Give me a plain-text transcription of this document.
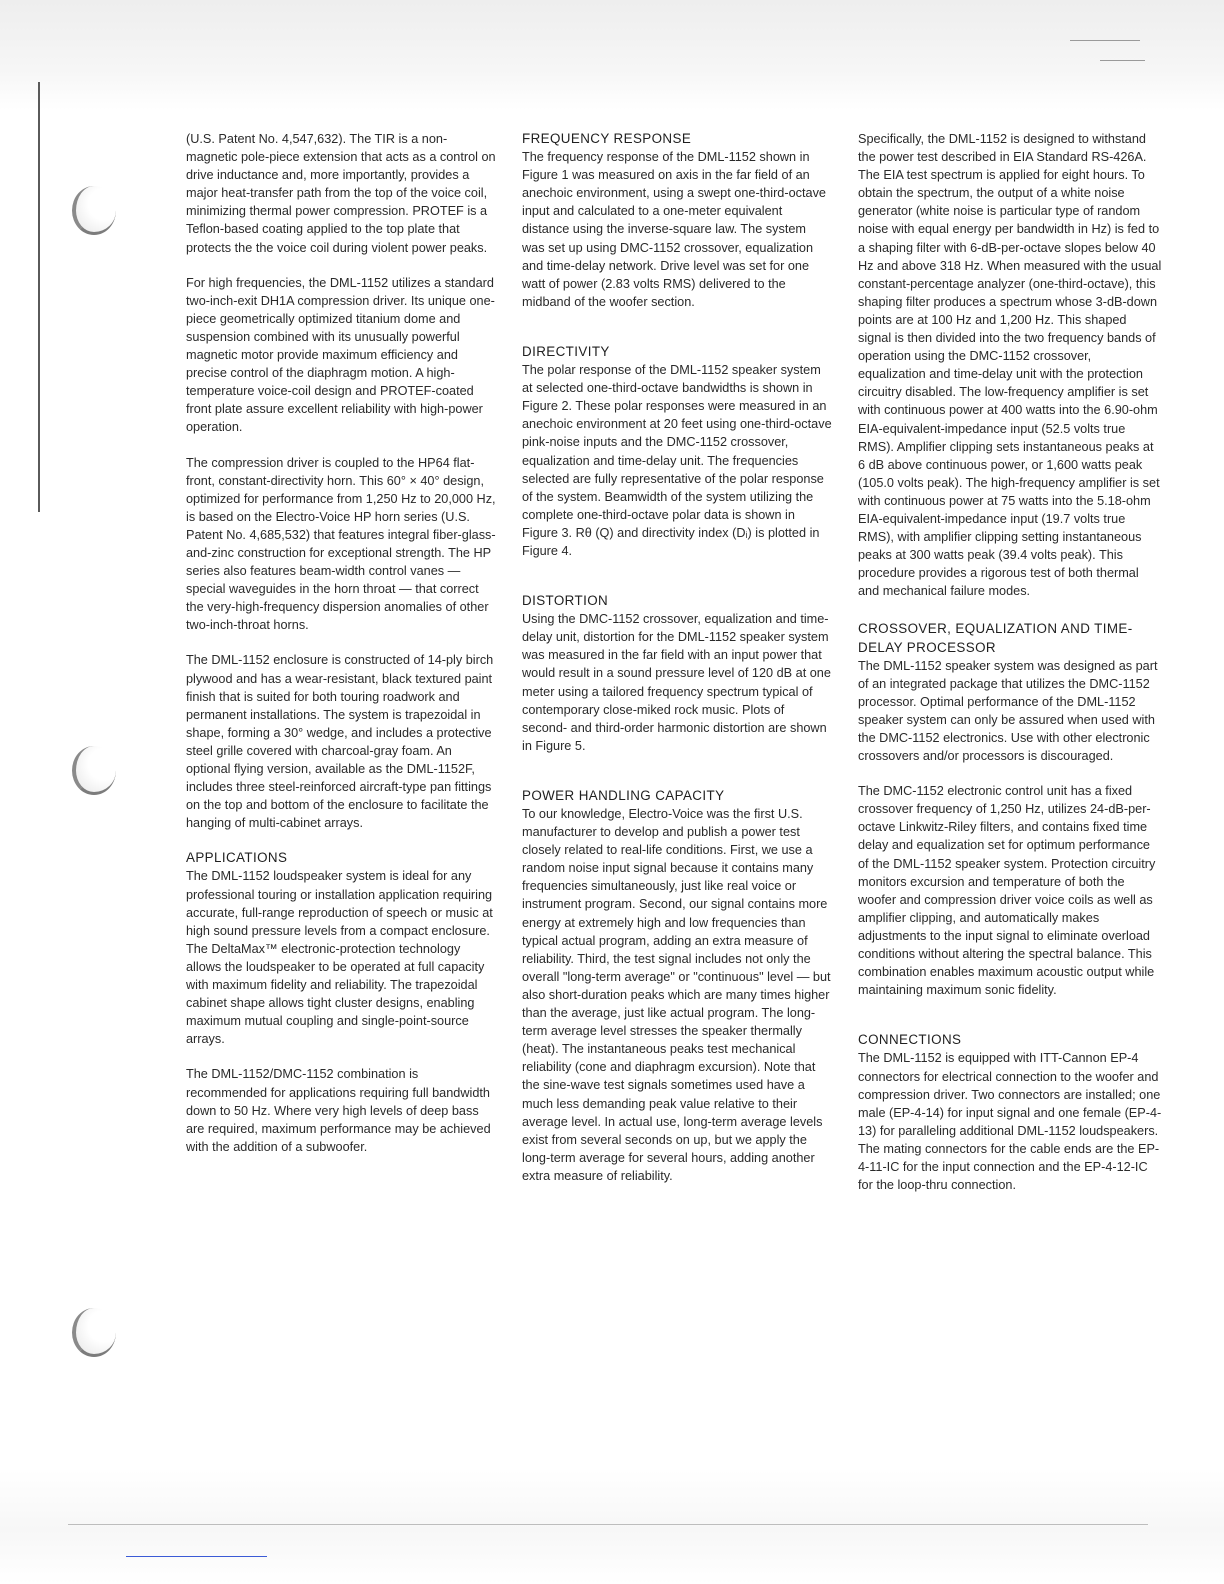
(U.S. Patent No. 4,547,632). The TIR is a non-magnetic pole-piece extension that acts as a control on drive inductance and, more importantly, provides a major heat-transfer path from the top of the voice coil, minimizing thermal power compression. PROTEF is a Teflon-based coating applied to the top plate that protects the the voice coil during violent power peaks.

For high frequencies, the DML-1152 utilizes a standard two-inch-exit DH1A compression driver. Its unique one-piece geometrically optimized titanium dome and suspension combined with its unusually powerful magnetic motor provide maximum efficiency and precise control of the diaphragm motion. A high-temperature voice-coil design and PROTEF-coated front plate assure excellent reliability with high-power operation.

The compression driver is coupled to the HP64 flat-front, constant-directivity horn. This 60° × 40° design, optimized for performance from 1,250 Hz to 20,000 Hz, is based on the Electro-Voice HP horn series (U.S. Patent No. 4,685,532) that features integral fiber-glass-and-zinc construction for exceptional strength. The HP series also features beam-width control vanes — special waveguides in the horn throat — that correct the very-high-frequency dispersion anomalies of other two-inch-throat horns.

The DML-1152 enclosure is constructed of 14-ply birch plywood and has a wear-resistant, black textured paint finish that is suited for both touring roadwork and permanent installations. The system is trapezoidal in shape, forming a 30° wedge, and includes a protective steel grille covered with charcoal-gray foam. An optional flying version, available as the DML-1152F, includes three steel-reinforced aircraft-type pan fittings on the top and bottom of the enclosure to facilitate the hanging of multi-cabinet arrays.

APPLICATIONS

The DML-1152 loudspeaker system is ideal for any professional touring or installation application requiring accurate, full-range reproduction of speech or music at high sound pressure levels from a compact enclosure. The DeltaMax™ electronic-protection technology allows the loudspeaker to be operated at full capacity with maximum fidelity and reliability. The trapezoidal cabinet shape allows tight cluster designs, enabling maximum mutual coupling and single-point-source arrays.

The DML-1152/DMC-1152 combination is recommended for applications requiring full bandwidth down to 50 Hz. Where very high levels of deep bass are required, maximum performance may be achieved with the addition of a subwoofer.

FREQUENCY RESPONSE

The frequency response of the DML-1152 shown in Figure 1 was measured on axis in the far field of an anechoic environment, using a swept one-third-octave input and calculated to a one-meter equivalent distance using the inverse-square law. The system was set up using DMC-1152 crossover, equalization and time-delay network. Drive level was set for one watt of power (2.83 volts RMS) delivered to the midband of the woofer section.

DIRECTIVITY

The polar response of the DML-1152 speaker system at selected one-third-octave bandwidths is shown in Figure 2. These polar responses were measured in an anechoic environment at 20 feet using one-third-octave pink-noise inputs and the DMC-1152 crossover, equalization and time-delay unit. The frequencies selected are fully representative of the polar response of the system. Beamwidth of the system utilizing the complete one-third-octave polar data is shown in Figure 3. Rθ (Q) and directivity index (Dᵢ) is plotted in Figure 4.

DISTORTION

Using the DMC-1152 crossover, equalization and time-delay unit, distortion for the DML-1152 speaker system was measured in the far field with an input power that would result in a sound pressure level of 120 dB at one meter using a tailored frequency spectrum typical of contemporary close-miked rock music. Plots of second- and third-order harmonic distortion are shown in Figure 5.

POWER HANDLING CAPACITY

To our knowledge, Electro-Voice was the first U.S. manufacturer to develop and publish a power test closely related to real-life conditions. First, we use a random noise input signal because it contains many frequencies simultaneously, just like real voice or instrument program. Second, our signal contains more energy at extremely high and low frequencies than typical actual program, adding an extra measure of reliability. Third, the test signal includes not only the overall "long-term average" or "continuous" level — but also short-duration peaks which are many times higher than the average, just like actual program. The long-term average level stresses the speaker thermally (heat). The instantaneous peaks test mechanical reliability (cone and diaphragm excursion). Note that the sine-wave test signals sometimes used have a much less demanding peak value relative to their average level. In actual use, long-term average levels exist from several seconds on up, but we apply the long-term average for several hours, adding another extra measure of reliability.

Specifically, the DML-1152 is designed to withstand the power test described in EIA Standard RS-426A. The EIA test spectrum is applied for eight hours. To obtain the spectrum, the output of a white noise generator (white noise is particular type of random noise with equal energy per bandwidth in Hz) is fed to a shaping filter with 6-dB-per-octave slopes below 40 Hz and above 318 Hz. When measured with the usual constant-percentage analyzer (one-third-octave), this shaping filter produces a spectrum whose 3-dB-down points are at 100 Hz and 1,200 Hz. This shaped signal is then divided into the two frequency bands of operation using the DMC-1152 crossover, equalization and time-delay unit with the protection circuitry disabled. The low-frequency amplifier is set with continuous power at 400 watts into the 6.90-ohm EIA-equivalent-impedance input (52.5 volts true RMS). Amplifier clipping sets instantaneous peaks at 6 dB above continuous power, or 1,600 watts peak (105.0 volts peak). The high-frequency amplifier is set with continuous power at 75 watts into the 5.18-ohm EIA-equivalent-impedance input (19.7 volts true RMS), with amplifier clipping setting instantaneous peaks at 300 watts peak (39.4 volts peak). This procedure provides a rigorous test of both thermal and mechanical failure modes.

CROSSOVER, EQUALIZATION AND TIME-DELAY PROCESSOR

The DML-1152 speaker system was designed as part of an integrated package that utilizes the DMC-1152 processor. Optimal performance of the DML-1152 speaker system can only be assured when used with the DMC-1152 electronics. Use with other electronic crossovers and/or processors is discouraged.

The DMC-1152 electronic control unit has a fixed crossover frequency of 1,250 Hz, utilizes 24-dB-per-octave Linkwitz-Riley filters, and contains fixed time delay and equalization set for optimum performance of the DML-1152 speaker system. Protection circuitry monitors excursion and temperature of both the woofer and compression driver voice coils as well as amplifier clipping, and automatically makes adjustments to the input signal to eliminate overload conditions without altering the spectral balance. This combination enables maximum acoustic output while maintaining maximum sonic fidelity.

CONNECTIONS

The DML-1152 is equipped with ITT-Cannon EP-4 connectors for electrical connection to the woofer and compression driver. Two connectors are installed; one male (EP-4-14) for input signal and one female (EP-4-13) for paralleling additional DML-1152 loudspeakers. The mating connectors for the cable ends are the EP-4-11-IC for the input connection and the EP-4-12-IC for the loop-thru connection.
